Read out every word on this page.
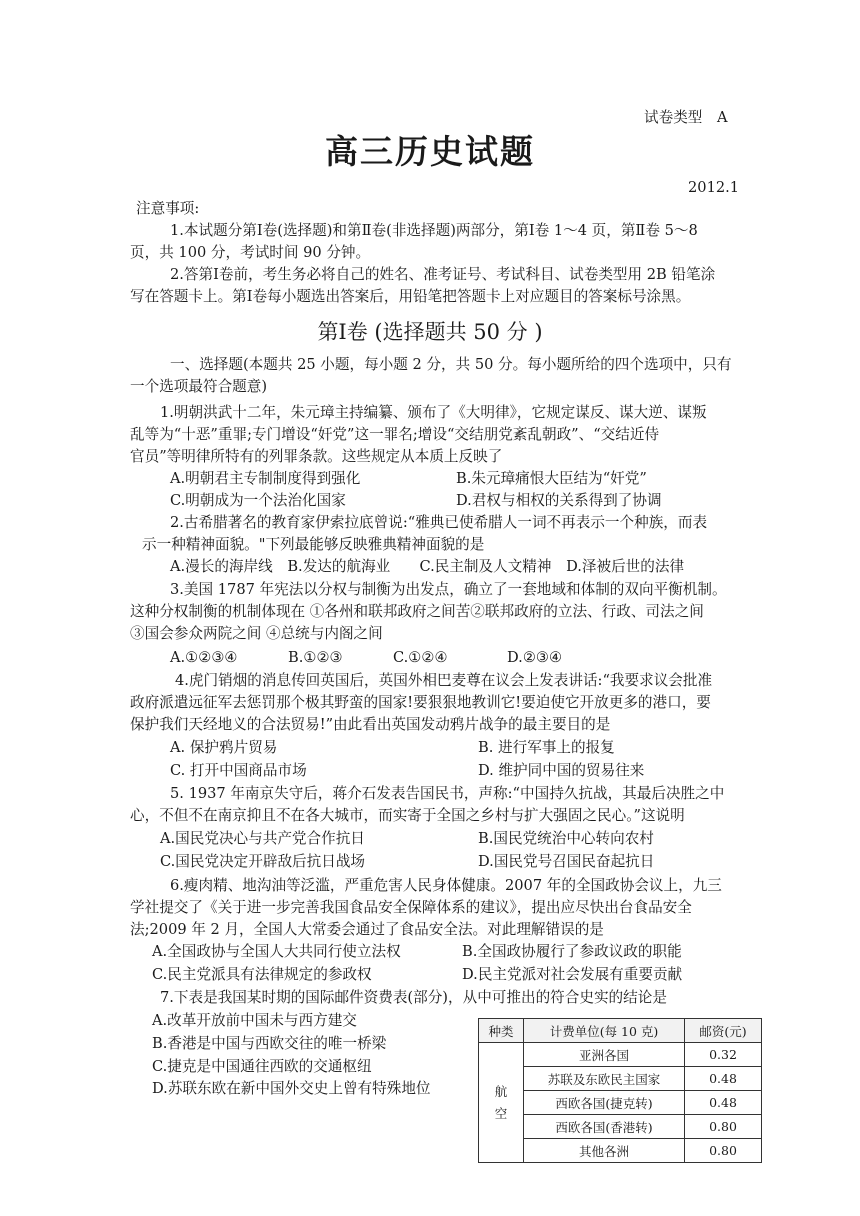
试卷类型　A
高三历史试题
2012.1
注意事项:
1.本试题分第Ⅰ卷(选择题)和第Ⅱ卷(非选择题)两部分，第Ⅰ卷 1～4 页，第Ⅱ卷 5～8
页，共 100 分，考试时间 90 分钟。
2.答第Ⅰ卷前，考生务必将自己的姓名、准考证号、考试科目、试卷类型用 2B 铅笔涂
写在答题卡上。第Ⅰ卷每小题选出答案后，用铅笔把答题卡上对应题目的答案标号涂黑。
第Ⅰ卷 (选择题共 50 分 )
一、选择题(本题共 25 小题，每小题 2 分，共 50 分。每小题所给的四个选项中，只有
一个选项最符合题意)
1.明朝洪武十二年，朱元璋主持编纂、颁布了《大明律》，它规定谋反、谋大逆、谋叛
乱等为“十恶”重罪;专门增设“奸党”这一罪名;增设“交结朋党紊乱朝政”、“交结近侍
官员”等明律所特有的列罪条款。这些规定从本质上反映了
A.明朝君主专制制度得到强化	B.朱元璋痛恨大臣结为“奸党”
C.明朝成为一个法治化国家	D.君权与相权的关系得到了协调
2.古希腊著名的教育家伊索拉底曾说:“雅典已使希腊人一词不再表示一个种族，而表
示一种精神面貌。"下列最能够反映雅典精神面貌的是
A.漫长的海岸线　B.发达的航海业　　C.民主制及人文精神　D.泽被后世的法律
3.美国 1787 年宪法以分权与制衡为出发点，确立了一套地域和体制的双向平衡机制。
这种分权制衡的机制体现在 ①各州和联邦政府之间苦②联邦政府的立法、行政、司法之间
③国会参众两院之间 ④总统与内阁之间
A.①②③④	B.①②③	C.①②④	D.②③④
4.虎门销烟的消息传回英国后，英国外相巴麦尊在议会上发表讲话:“我要求议会批准
政府派遣远征军去惩罚那个极其野蛮的国家!要狠狠地教训它!要迫使它开放更多的港口，要
保护我们天经地义的合法贸易!”由此看出英国发动鸦片战争的最主要目的是
A. 保护鸦片贸易	B. 进行军事上的报复
C. 打开中国商品市场	D. 维护同中国的贸易往来
5. 1937 年南京失守后，蒋介石发表告国民书，声称:“中国持久抗战，其最后决胜之中
心，不但不在南京抑且不在各大城市，而实寄于全国之乡村与扩大强固之民心。”这说明
A.国民党决心与共产党合作抗日	B.国民党统治中心转向农村
C.国民党决定开辟敌后抗日战场	D.国民党号召国民奋起抗日
6.瘦肉精、地沟油等泛滥，严重危害人民身体健康。2007 年的全国政协会议上，九三
学社提交了《关于进一步完善我国食品安全保障体系的建议》，提出应尽快出台食品安全
法;2009 年 2 月，全国人大常委会通过了食品安全法。对此理解错误的是
A.全国政协与全国人大共同行使立法权	B.全国政协履行了参政议政的职能
C.民主党派具有法律规定的参政权	D.民主党派对社会发展有重要贡献
7.下表是我国某时期的国际邮件资费表(部分)，从中可推出的符合史实的结论是
A.改革开放前中国未与西方建交
B.香港是中国与西欧交往的唯一桥梁
C.捷克是中国通往西欧的交通枢纽
D.苏联东欧在新中国外交史上曾有特殊地位
种类	计费单位(每 10 克)	邮资(元)

航空	亚洲各国	0.32
	苏联及东欧民主国家	0.48
	西欧各国(捷克转)	0.48
	西欧各国(香港转)	0.80
	其他各洲	0.80
